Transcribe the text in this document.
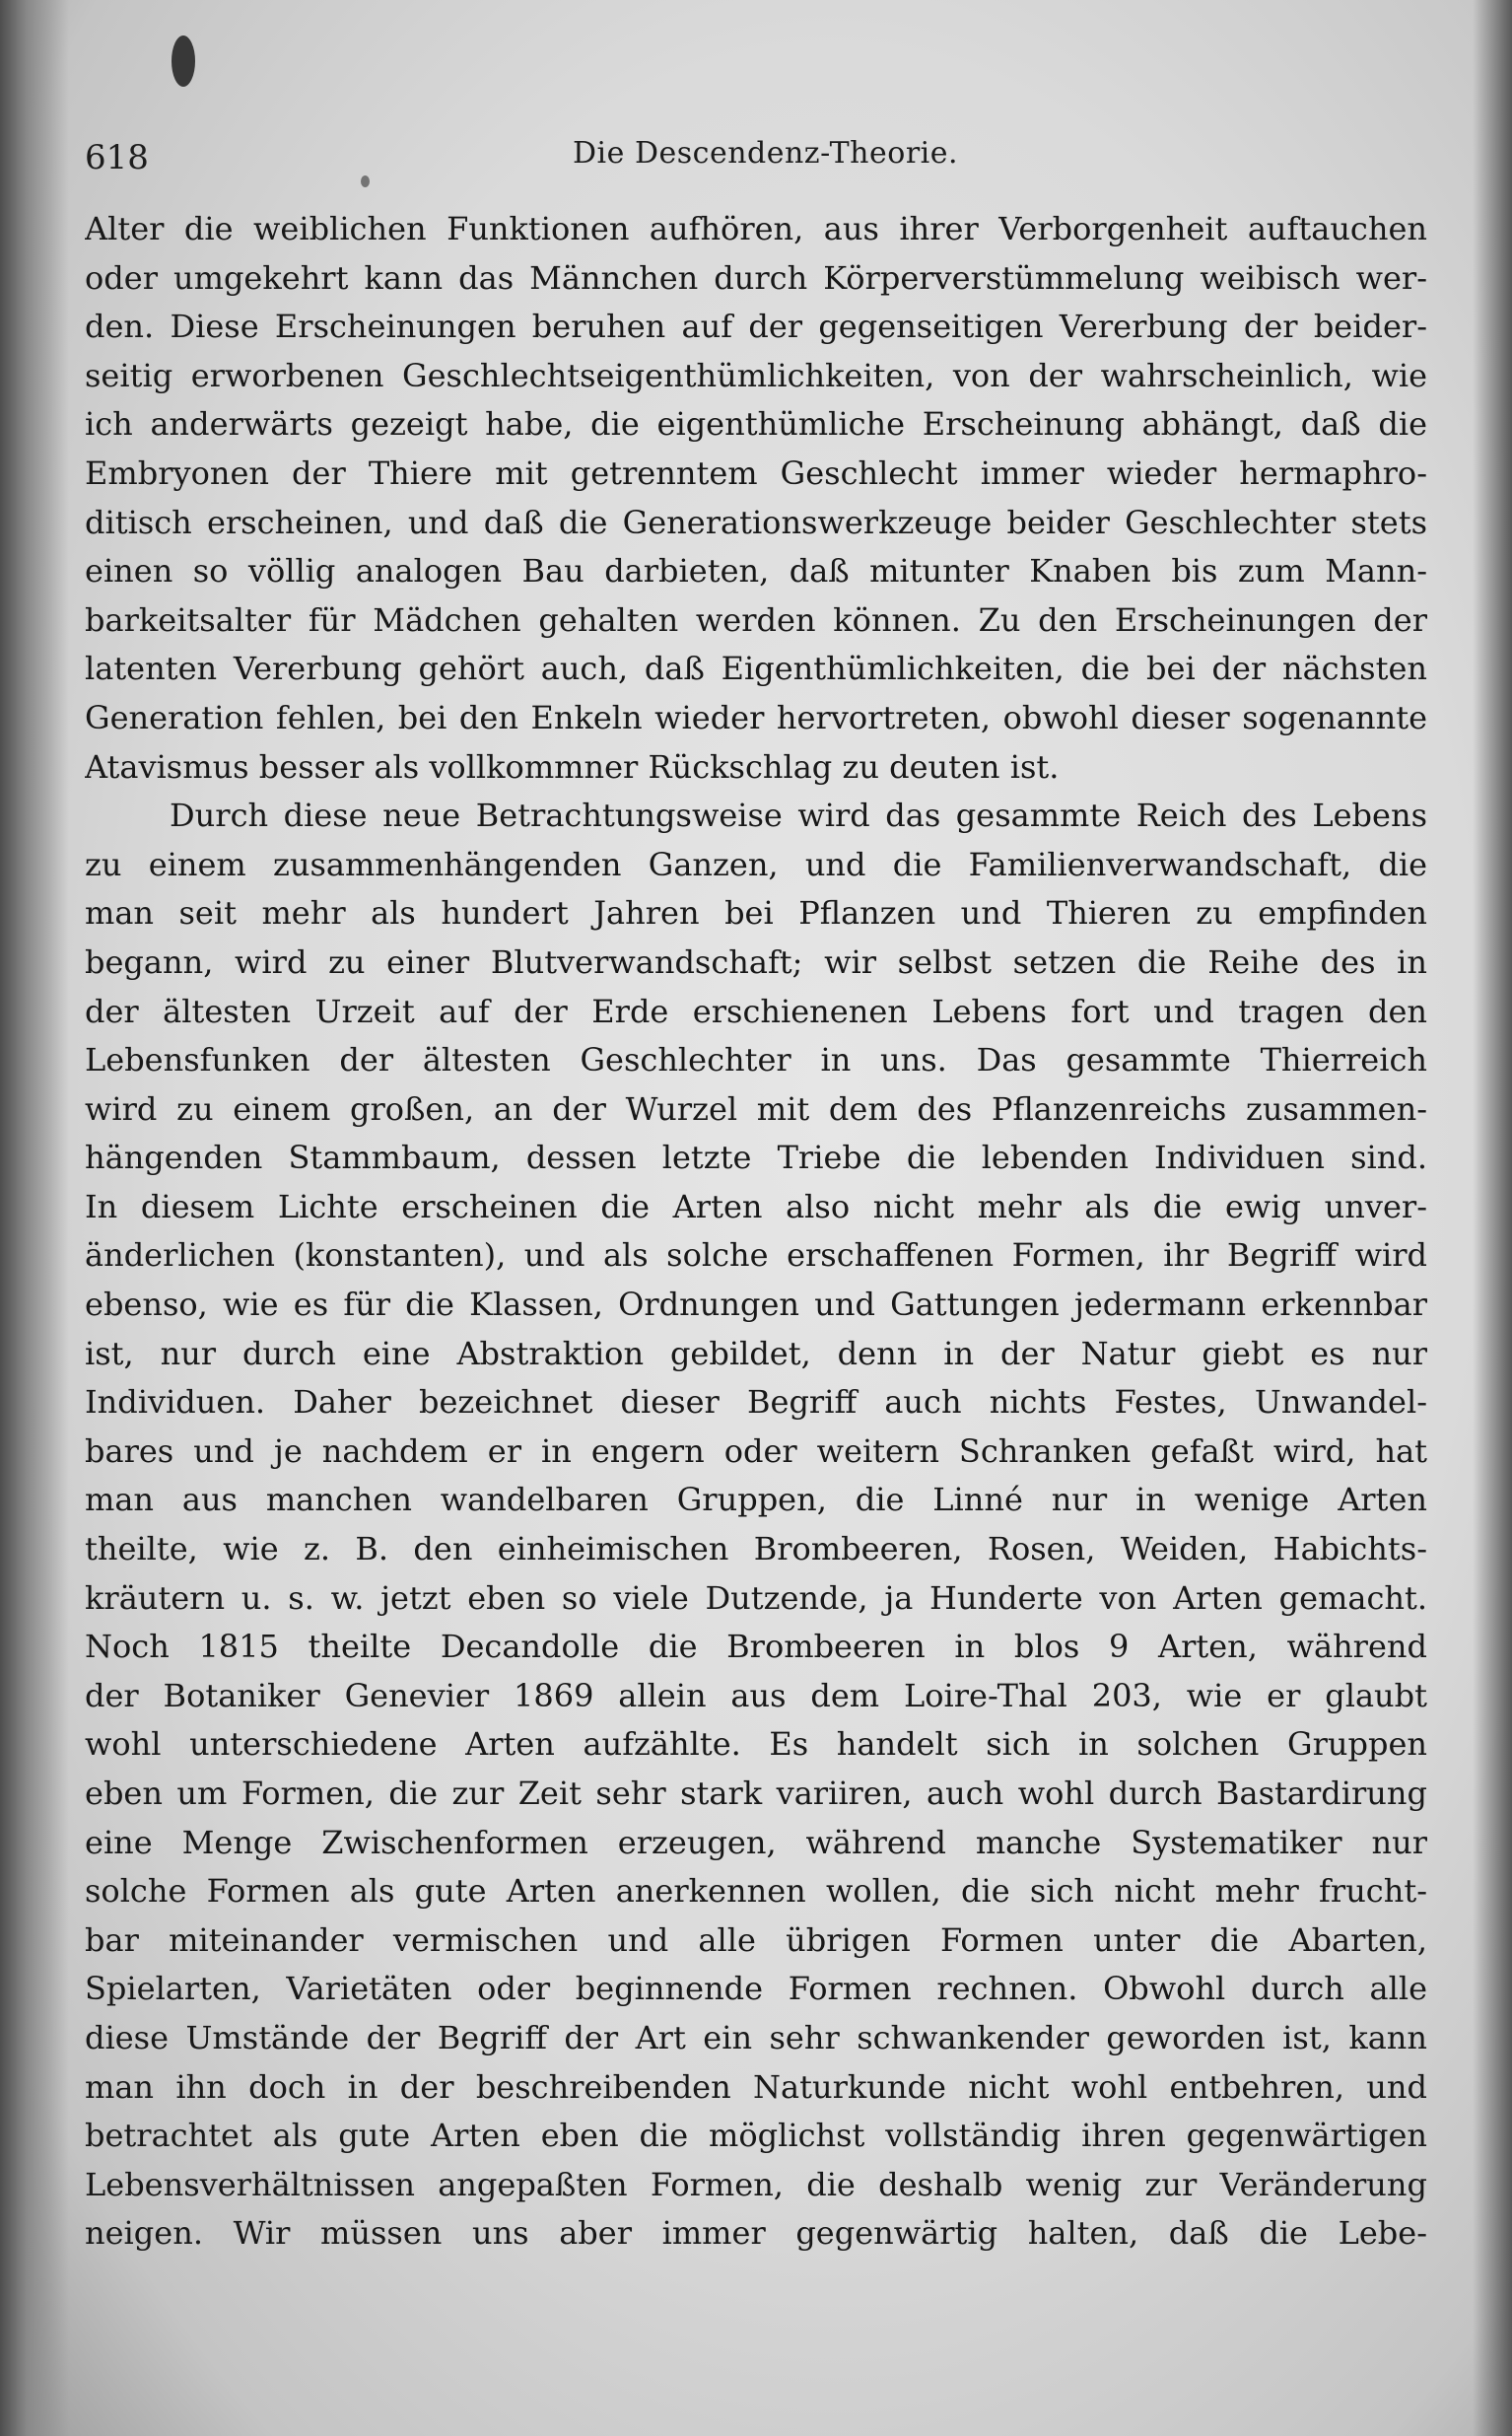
618	Die Descendenz-Theorie.
Alter die weiblichen Funktionen aufhören, aus ihrer Verborgenheit auftauchen
oder umgekehrt kann das Männchen durch Körperverstümmelung weibisch wer-
den. Diese Erscheinungen beruhen auf der gegenseitigen Vererbung der beider-
seitig erworbenen Geschlechtseigenthümlichkeiten, von der wahrscheinlich, wie
ich anderwärts gezeigt habe, die eigenthümliche Erscheinung abhängt, daß die
Embryonen der Thiere mit getrenntem Geschlecht immer wieder hermaphro-
ditisch erscheinen, und daß die Generationswerkzeuge beider Geschlechter stets
einen so völlig analogen Bau darbieten, daß mitunter Knaben bis zum Mann-
barkeitsalter für Mädchen gehalten werden können. Zu den Erscheinungen der
latenten Vererbung gehört auch, daß Eigenthümlichkeiten, die bei der nächsten
Generation fehlen, bei den Enkeln wieder hervortreten, obwohl dieser sogenannte
Atavismus besser als vollkommner Rückschlag zu deuten ist.
Durch diese neue Betrachtungsweise wird das gesammte Reich des Lebens
zu einem zusammenhängenden Ganzen, und die Familienverwandschaft, die
man seit mehr als hundert Jahren bei Pflanzen und Thieren zu empfinden
begann, wird zu einer Blutverwandschaft; wir selbst setzen die Reihe des in
der ältesten Urzeit auf der Erde erschienenen Lebens fort und tragen den
Lebensfunken der ältesten Geschlechter in uns. Das gesammte Thierreich
wird zu einem großen, an der Wurzel mit dem des Pflanzenreichs zusammen-
hängenden Stammbaum, dessen letzte Triebe die lebenden Individuen sind.
In diesem Lichte erscheinen die Arten also nicht mehr als die ewig unver-
änderlichen (konstanten), und als solche erschaffenen Formen, ihr Begriff wird
ebenso, wie es für die Klassen, Ordnungen und Gattungen jedermann erkennbar
ist, nur durch eine Abstraktion gebildet, denn in der Natur giebt es nur
Individuen. Daher bezeichnet dieser Begriff auch nichts Festes, Unwandel-
bares und je nachdem er in engern oder weitern Schranken gefaßt wird, hat
man aus manchen wandelbaren Gruppen, die Linné nur in wenige Arten
theilte, wie z. B. den einheimischen Brombeeren, Rosen, Weiden, Habichts-
kräutern u. s. w. jetzt eben so viele Dutzende, ja Hunderte von Arten gemacht.
Noch 1815 theilte Decandolle die Brombeeren in blos 9 Arten, während
der Botaniker Genevier 1869 allein aus dem Loire-Thal 203, wie er glaubt
wohl unterschiedene Arten aufzählte. Es handelt sich in solchen Gruppen
eben um Formen, die zur Zeit sehr stark variiren, auch wohl durch Bastardirung
eine Menge Zwischenformen erzeugen, während manche Systematiker nur
solche Formen als gute Arten anerkennen wollen, die sich nicht mehr frucht-
bar miteinander vermischen und alle übrigen Formen unter die Abarten,
Spielarten, Varietäten oder beginnende Formen rechnen. Obwohl durch alle
diese Umstände der Begriff der Art ein sehr schwankender geworden ist, kann
man ihn doch in der beschreibenden Naturkunde nicht wohl entbehren, und
betrachtet als gute Arten eben die möglichst vollständig ihren gegenwärtigen
Lebensverhältnissen angepaßten Formen, die deshalb wenig zur Veränderung
neigen. Wir müssen uns aber immer gegenwärtig halten, daß die Lebe-
